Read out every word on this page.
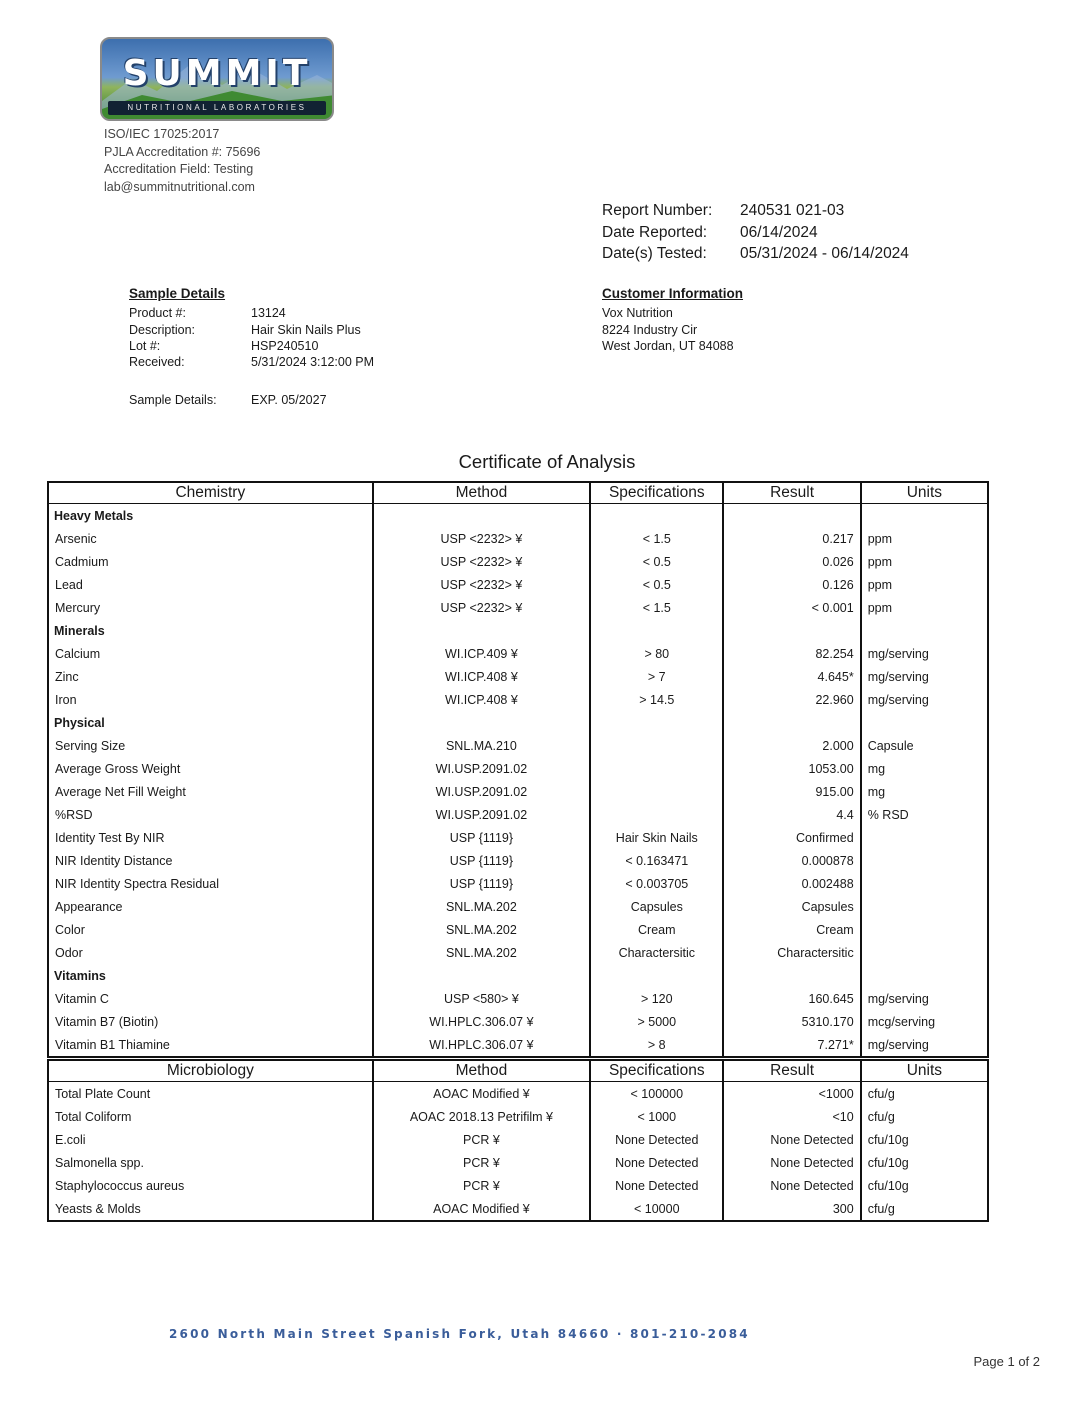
SUMMIT
NUTRITIONAL LABORATORIES
ISO/IEC 17025:2017
PJLA Accreditation #: 75696
Accreditation Field: Testing
lab@summitnutritional.com
Report Number:	240531 021-03
Date Reported:	06/14/2024
Date(s) Tested:	05/31/2024 - 06/14/2024
Sample Details
Product #:	13124
Description:	Hair Skin Nails Plus
Lot #:	HSP240510
Received:	5/31/2024 3:12:00 PM
Sample Details:	EXP. 05/2027
Customer Information
Vox Nutrition
8224 Industry Cir
West Jordan, UT 84088
Certificate of Analysis
Chemistry	Method	Specifications	Result	Units
Heavy Metals				
Arsenic	USP <2232> ¥	< 1.5	0.217	ppm
Cadmium	USP <2232> ¥	< 0.5	0.026	ppm
Lead	USP <2232> ¥	< 0.5	0.126	ppm
Mercury	USP <2232> ¥	< 1.5	< 0.001	ppm
Minerals				
Calcium	WI.ICP.409 ¥	> 80	82.254	mg/serving
Zinc	WI.ICP.408 ¥	> 7	4.645*	mg/serving
Iron	WI.ICP.408 ¥	> 14.5	22.960	mg/serving
Physical				
Serving Size	SNL.MA.210		2.000	Capsule
Average Gross Weight	WI.USP.2091.02		1053.00	mg
Average Net Fill Weight	WI.USP.2091.02		915.00	mg
%RSD	WI.USP.2091.02		4.4	% RSD
Identity Test By NIR	USP {1119}	Hair Skin Nails	Confirmed	
NIR Identity Distance	USP {1119}	< 0.163471	0.000878	
NIR Identity Spectra Residual	USP {1119}	< 0.003705	0.002488	
Appearance	SNL.MA.202	Capsules	Capsules	
Color	SNL.MA.202	Cream	Cream	
Odor	SNL.MA.202	Charactersitic	Charactersitic	
Vitamins				
Vitamin C	USP <580> ¥	> 120	160.645	mg/serving
Vitamin B7 (Biotin)	WI.HPLC.306.07 ¥	> 5000	5310.170	mcg/serving
Vitamin B1 Thiamine	WI.HPLC.306.07 ¥	> 8	7.271*	mg/serving
Microbiology	Method	Specifications	Result	Units
Total Plate Count	AOAC Modified ¥	< 100000	<1000	cfu/g
Total Coliform	AOAC 2018.13 Petrifilm ¥	< 1000	<10	cfu/g
E.coli	PCR ¥	None Detected	None Detected	cfu/10g
Salmonella spp.	PCR ¥	None Detected	None Detected	cfu/10g
Staphylococcus aureus	PCR ¥	None Detected	None Detected	cfu/10g
Yeasts & Molds	AOAC Modified ¥	< 10000	300	cfu/g
2600 North Main Street Spanish Fork, Utah 84660 · 801-210-2084
Page 1 of 2
